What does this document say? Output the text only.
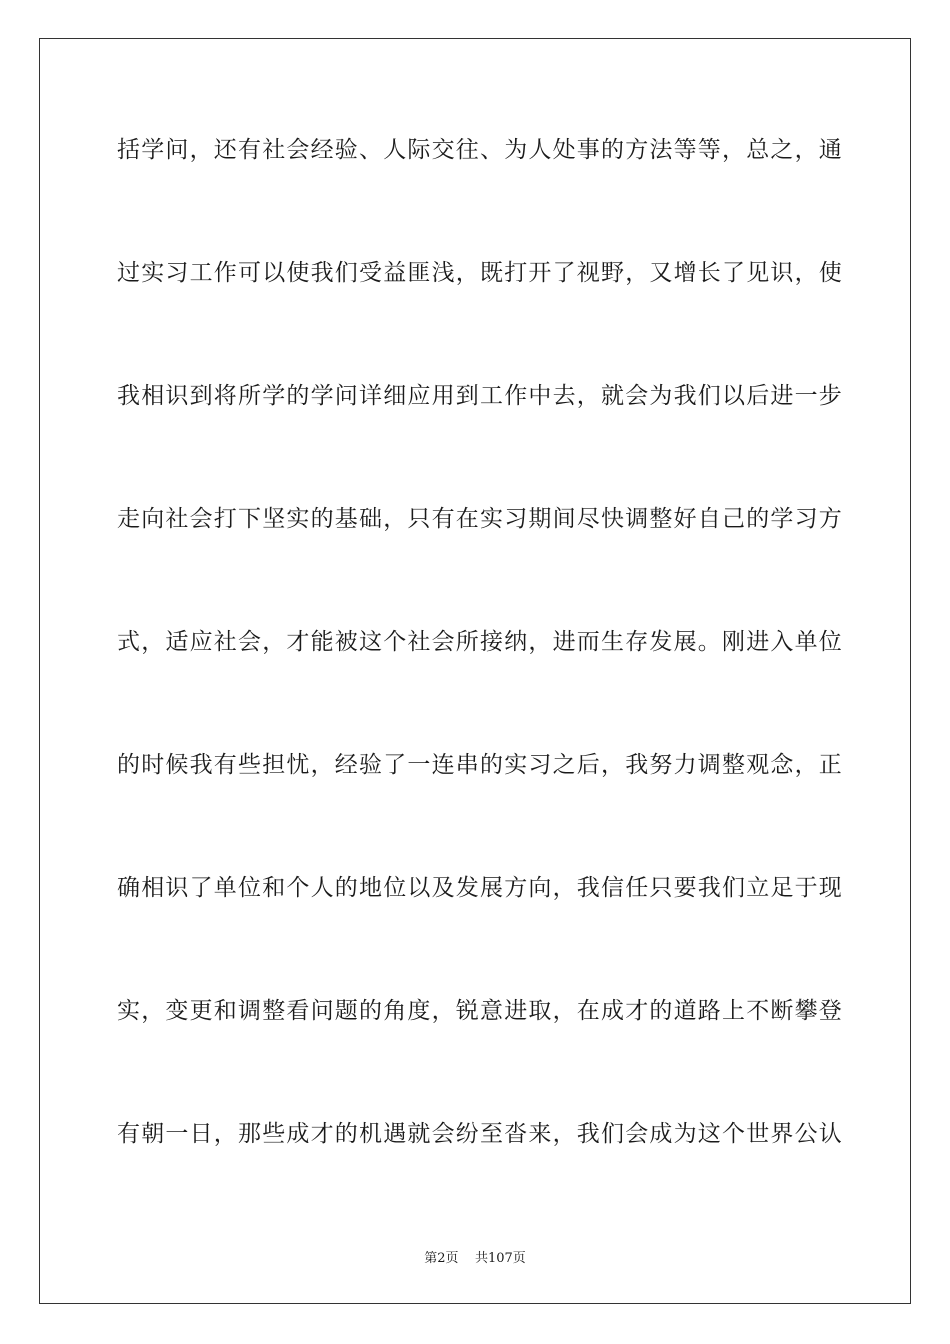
括学问，还有社会经验、人际交往、为人处事的方法等等，总之，通
过实习工作可以使我们受益匪浅，既打开了视野，又增长了见识，使
我相识到将所学的学问详细应用到工作中去，就会为我们以后进一步
走向社会打下坚实的基础，只有在实习期间尽快调整好自己的学习方
式，适应社会，才能被这个社会所接纳，进而生存发展。刚进入单位
的时候我有些担忧，经验了一连串的实习之后，我努力调整观念，正
确相识了单位和个人的地位以及发展方向，我信任只要我们立足于现
实，变更和调整看问题的角度，锐意进取，在成才的道路上不断攀登
有朝一日，那些成才的机遇就会纷至沓来，我们会成为这个世界公认
第2页    共107页
